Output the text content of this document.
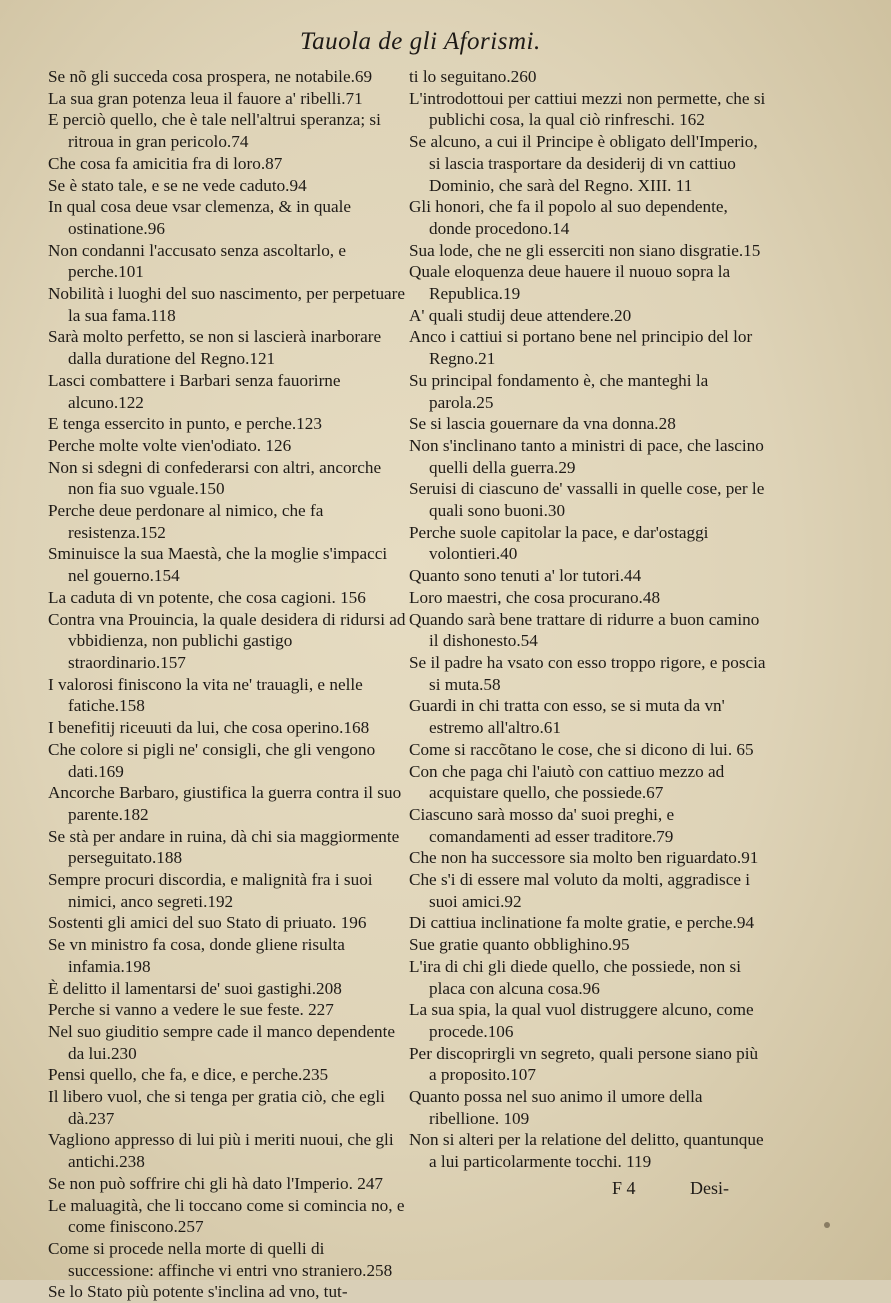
Tauola de gli Aforismi.

Se nõ gli succeda cosa prospera, ne notabile.69

La sua gran potenza leua il fauore a' ribelli.71

E perciò quello, che è tale nell'altrui speranza; si ritroua in gran pericolo.74

Che cosa fa amicitia fra di loro.87

Se è stato tale, e se ne vede caduto.94

In qual cosa deue vsar clemenza, & in quale ostinatione.96

Non condanni l'accusato senza ascoltarlo, e perche.101

Nobilità i luoghi del suo nascimento, per perpetuare la sua fama.118

Sarà molto perfetto, se non si lascierà inarborare dalla duratione del Regno.121

Lasci combattere i Barbari senza fauorirne alcuno.122

E tenga essercito in punto, e perche.123

Perche molte volte vien'odiato. 126

Non si sdegni di confederarsi con altri, ancorche non fia suo vguale.150

Perche deue perdonare al nimico, che fa resistenza.152

Sminuisce la sua Maestà, che la moglie s'impacci nel gouerno.154

La caduta di vn potente, che cosa cagioni. 156

Contra vna Prouincia, la quale desidera di ridursi ad vbbidienza, non publichi gastigo straordinario.157

I valorosi finiscono la vita ne' trauagli, e nelle fatiche.158

I benefitij riceuuti da lui, che cosa operino.168

Che colore si pigli ne' consigli, che gli vengono dati.169

Ancorche Barbaro, giustifica la guerra contra il suo parente.182

Se stà per andare in ruina, dà chi sia maggiormente perseguitato.188

Sempre procuri discordia, e malignità fra i suoi nimici, anco segreti.192

Sostenti gli amici del suo Stato di priuato. 196

Se vn ministro fa cosa, donde gliene risulta infamia.198

È delitto il lamentarsi de' suoi gastighi.208

Perche si vanno a vedere le sue feste. 227

Nel suo giuditio sempre cade il manco dependente da lui.230

Pensi quello, che fa, e dice, e perche.235

Il libero vuol, che si tenga per gratia ciò, che egli dà.237

Vagliono appresso di lui più i meriti nuoui, che gli antichi.238

Se non può soffrire chi gli hà dato l'Imperio. 247

Le maluagità, che li toccano come si comincia no, e come finiscono.257

Come si procede nella morte di quelli di successione: affinche vi entri vno straniero.258

Se lo Stato più potente s'inclina ad vno, tut-

ti lo seguitano.260

L'introdottoui per cattiui mezzi non permette, che si publichi cosa, la qual ciò rinfreschi. 162

Se alcuno, a cui il Principe è obligato dell'Imperio, si lascia trasportare da desiderij di vn cattiuo Dominio, che sarà del Regno. XIII. 11

Gli honori, che fa il popolo al suo dependente, donde procedono.14

Sua lode, che ne gli esserciti non siano disgratie.15

Quale eloquenza deue hauere il nuouo sopra la Republica.19

A' quali studij deue attendere.20

Anco i cattiui si portano bene nel principio del lor Regno.21

Su principal fondamento è, che manteghi la parola.25

Se si lascia gouernare da vna donna.28

Non s'inclinano tanto a ministri di pace, che lascino quelli della guerra.29

Seruisi di ciascuno de' vassalli in quelle cose, per le quali sono buoni.30

Perche suole capitolar la pace, e dar'ostaggi volontieri.40

Quanto sono tenuti a' lor tutori.44

Loro maestri, che cosa procurano.48

Quando sarà bene trattare di ridurre a buon camino il dishonesto.54

Se il padre ha vsato con esso troppo rigore, e poscia si muta.58

Guardi in chi tratta con esso, se si muta da vn' estremo all'altro.61

Come si raccõtano le cose, che si dicono di lui. 65

Con che paga chi l'aiutò con cattiuo mezzo ad acquistare quello, che possiede.67

Ciascuno sarà mosso da' suoi preghi, e comandamenti ad esser traditore.79

Che non ha successore sia molto ben riguardato.91

Che s'i di essere mal voluto da molti, aggradisce i suoi amici.92

Di cattiua inclinatione fa molte gratie, e perche.94

Sue gratie quanto obblighino.95

L'ira di chi gli diede quello, che possiede, non si placa con alcuna cosa.96

La sua spia, la qual vuol distruggere alcuno, come procede.106

Per discoprirgli vn segreto, quali persone siano più a proposito.107

Quanto possa nel suo animo il umore della ribellione. 109

Non si alteri per la relatione del delitto, quantunque a lui particolarmente tocchi. 119

F 4	Desi-
